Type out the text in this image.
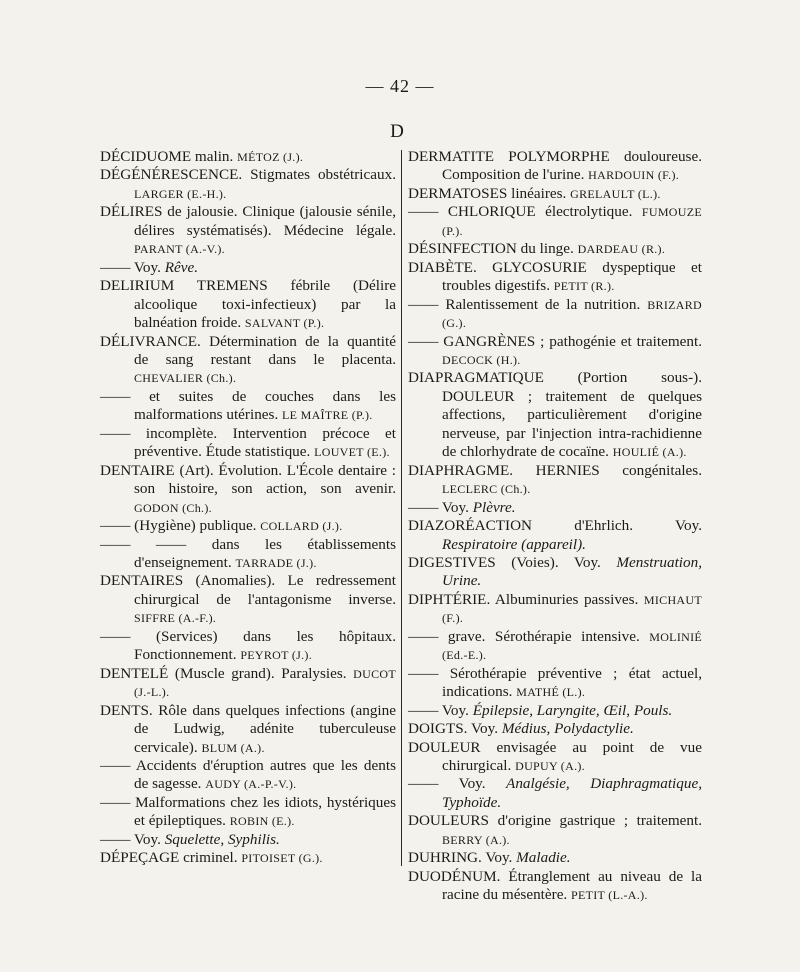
— 42 —
D
DÉCIDUOME malin. MÉTOZ (J.).
DÉGÉNÉRESCENCE. Stigmates obstétricaux. LARGER (E.-H.).
DÉLIRES de jalousie. Clinique (jalousie sénile, délires systématisés). Médecine légale. PARANT (A.-V.).
—— Voy. Rêve.
DELIRIUM TREMENS fébrile (Délire alcoolique toxi-infectieux) par la balnéation froide. SALVANT (P.).
DÉLIVRANCE. Détermination de la quantité de sang restant dans le placenta. CHEVALIER (Ch.).
—— et suites de couches dans les malformations utérines. LE MAÎTRE (P.).
—— incomplète. Intervention précoce et préventive. Étude statistique. LOUVET (E.).
DENTAIRE (Art). Évolution. L'École dentaire : son histoire, son action, son avenir. GODON (Ch.).
—— (Hygiène) publique. COLLARD (J.).
—— —— dans les établissements d'enseignement. TARRADE (J.).
DENTAIRES (Anomalies). Le redressement chirurgical de l'antagonisme inverse. SIFFRE (A.-F.).
—— (Services) dans les hôpitaux. Fonctionnement. PEYROT (J.).
DENTELÉ (Muscle grand). Paralysies. DUCOT (J.-L.).
DENTS. Rôle dans quelques infections (angine de Ludwig, adénite tuberculeuse cervicale). BLUM (A.).
—— Accidents d'éruption autres que les dents de sagesse. AUDY (A.-P.-V.).
—— Malformations chez les idiots, hystériques et épileptiques. ROBIN (E.).
—— Voy. Squelette, Syphilis.
DÉPEÇAGE criminel. PITOISET (G.).
DERMATITE POLYMORPHE douloureuse. Composition de l'urine. HARDOUIN (F.).
DERMATOSES linéaires. GRELAULT (L.).
—— CHLORIQUE électrolytique. FUMOUZE (P.).
DÉSINFECTION du linge. DARDEAU (R.).
DIABÈTE. GLYCOSURIE dyspeptique et troubles digestifs. PETIT (R.).
—— Ralentissement de la nutrition. BRIZARD (G.).
—— GANGRÈNES ; pathogénie et traitement. DECOCK (H.).
DIAPRAGMATIQUE (Portion sous-). DOULEUR ; traitement de quelques affections, particulièrement d'origine nerveuse, par l'injection intra-rachidienne de chlorhydrate de cocaïne. HOULIÉ (A.).
DIAPHRAGME. HERNIES congénitales. LECLERC (Ch.).
—— Voy. Plèvre.
DIAZORÉACTION d'Ehrlich. Voy. Respiratoire (appareil).
DIGESTIVES (Voies). Voy. Menstruation, Urine.
DIPHTÉRIE. Albuminuries passives. MICHAUT (F.).
—— grave. Sérothérapie intensive. MOLINIÉ (Ed.-E.).
—— Sérothérapie préventive ; état actuel, indications. MATHÉ (L.).
—— Voy. Épilepsie, Laryngite, Œil, Pouls.
DOIGTS. Voy. Médius, Polydactylie.
DOULEUR envisagée au point de vue chirurgical. DUPUY (A.).
—— Voy. Analgésie, Diaphragmatique, Typhoïde.
DOULEURS d'origine gastrique ; traitement. BERRY (A.).
DUHRING. Voy. Maladie.
DUODÉNUM. Étranglement au niveau de la racine du mésentère. PETIT (L.-A.).
